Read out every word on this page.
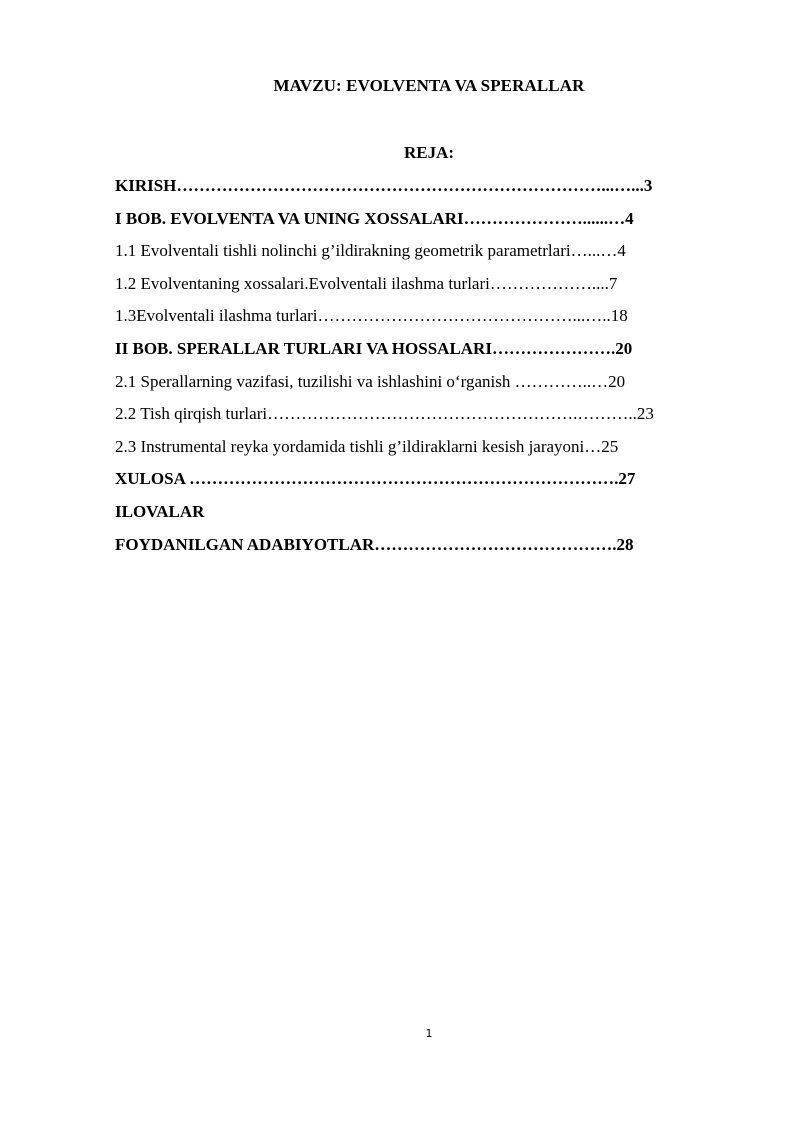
MAVZU: EVOLVENTA VA SPERALLAR
REJA:
KIRISH…………………………………………………………………...…...3
I BOB. EVOLVENTA VA UNING XOSSALARI…………………......…4
1.1 Evolventali tishli nolinchi g’ildirakning geometrik parametrlari…...…4
1.2 Evolventaning xossalari.Evolventali ilashma turlari………………....7
1.3Evolventali ilashma turlari………………………………………...…..18
II BOB. SPERALLAR TURLARI VA HOSSALARI………………….20
2.1 Sperallarning vazifasi, tuzilishi va ishlashini oʻrganish …………..…20
2.2 Tish qirqish turlari……………………………………………….………..23
2.3 Instrumental reyka yordamida tishli g’ildiraklarni kesish jarayoni…25
XULOSA ………………………………………………………………….27
ILOVALAR
FOYDANILGAN ADABIYOTLAR…………………………………….28
1
